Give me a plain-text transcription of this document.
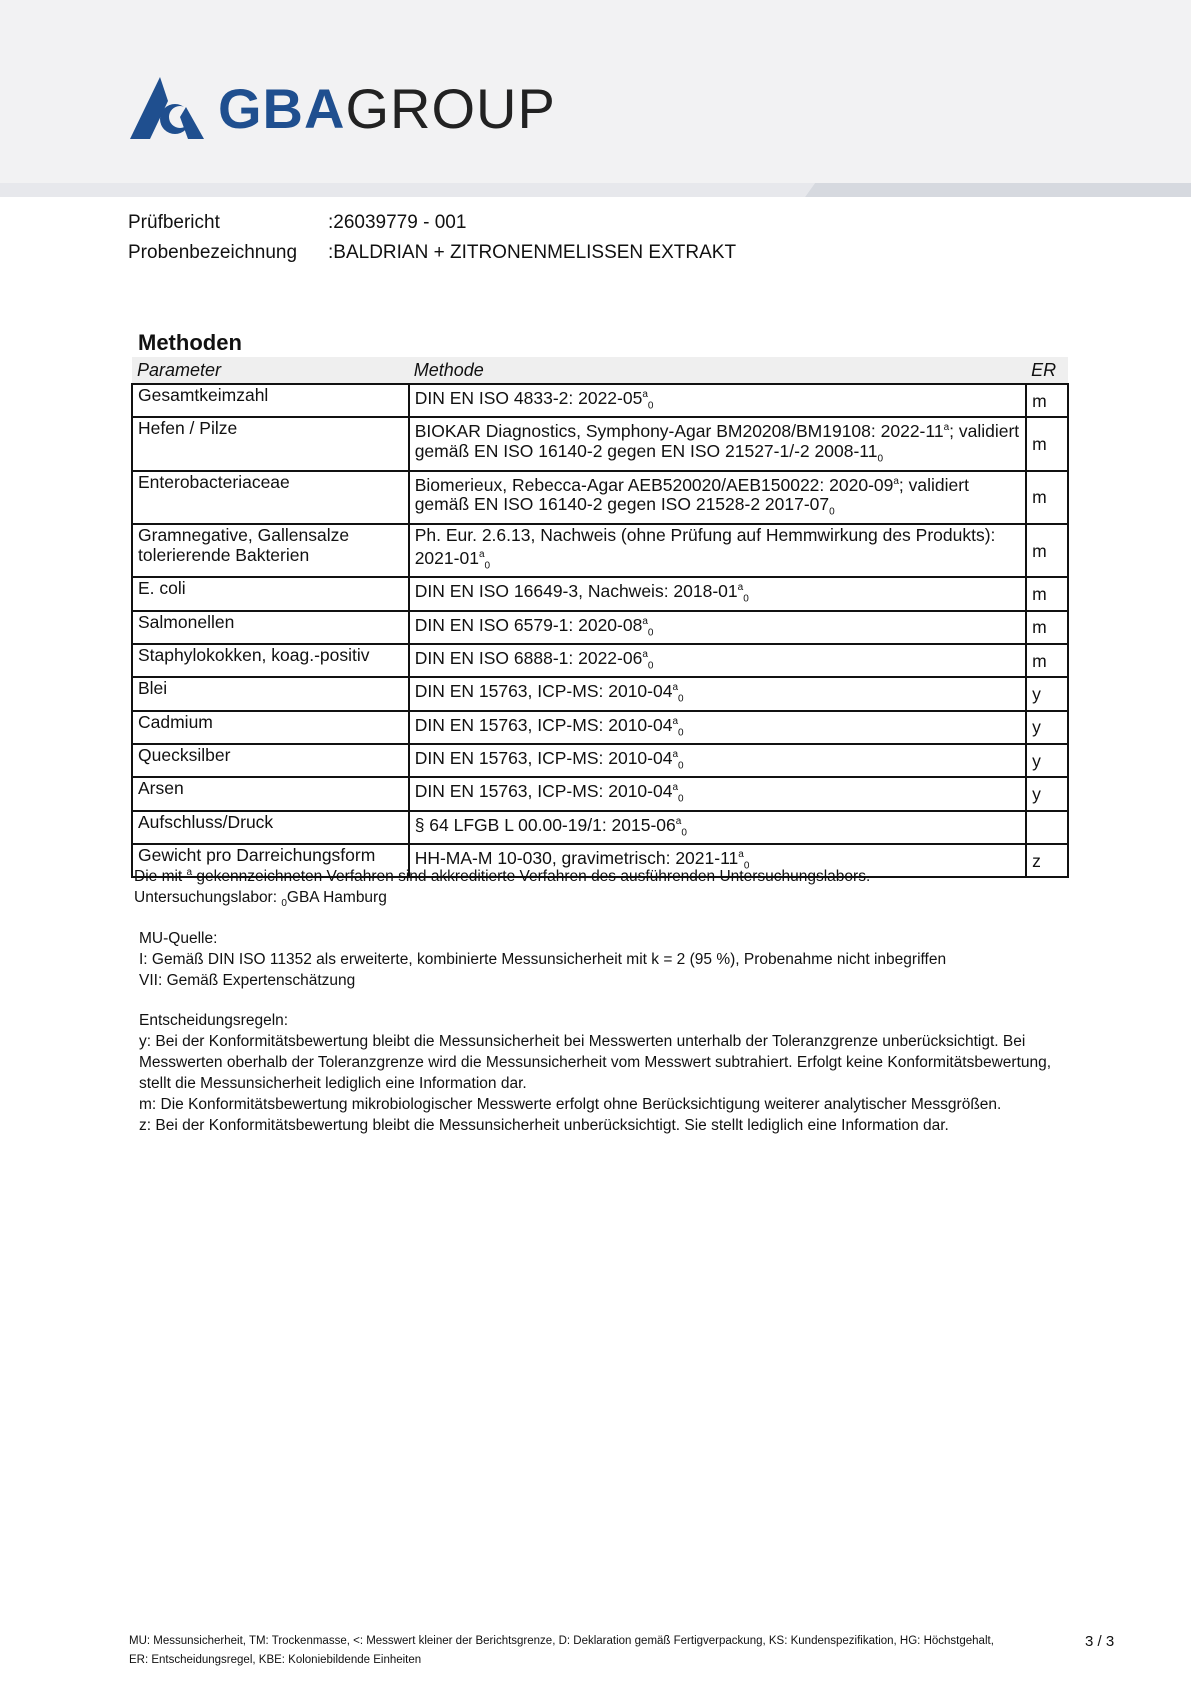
GBA GROUP
Prüfbericht	:26039779 - 001
Probenbezeichnung	:BALDRIAN + ZITRONENMELISSEN EXTRAKT
Methoden
Parameter	Methode	ER
Gesamtkeimzahl	DIN EN ISO 4833-2: $2022-05^a_0$	m
Hefen / Pilze	BIOKAR Diagnostics, Symphony-Agar BM20208/BM19108: 2022-11$^a$; validiert gemäß EN ISO 16140-2 gegen EN ISO 21527-1/-2 $2008-11_0$	m
Enterobacteriaceae	Biomerieux, Rebecca-Agar AEB520020/AEB150022: 2020-09$^a$; validiert gemäß EN ISO 16140-2 gegen ISO 21528-2 $2017-07_0$	m
Gramnegative, Gallensalze tolerierende Bakterien	Ph. Eur. 2.6.13, Nachweis (ohne Prüfung auf Hemmwirkung des Produkts): $2021-01^a_0$	m
E. coli	DIN EN ISO 16649-3, Nachweis: $2018-01^a_0$	m
Salmonellen	DIN EN ISO 6579-1: $2020-08^a_0$	m
Staphylokokken, koag.-positiv	DIN EN ISO 6888-1: $2022-06^a_0$	m
Blei	DIN EN 15763, ICP-MS: $2010-04^a_0$	y
Cadmium	DIN EN 15763, ICP-MS: $2010-04^a_0$	y
Quecksilber	DIN EN 15763, ICP-MS: $2010-04^a_0$	y
Arsen	DIN EN 15763, ICP-MS: $2010-04^a_0$	y
Aufschluss/Druck	§ 64 LFGB L 00.00-19/1: $2015-06^a_0$	
Gewicht pro Darreichungsform	HH-MA-M 10-030, gravimetrisch: $2021-11^a_0$	z

Die mit $^a$ gekennzeichneten Verfahren sind akkreditierte Verfahren des ausführenden Untersuchungslabors.

Untersuchungslabor: $_0$GBA Hamburg

MU-Quelle:

I: Gemäß DIN ISO 11352 als erweiterte, kombinierte Messunsicherheit mit k = 2 (95 %), Probenahme nicht inbegriffen

VII: Gemäß Expertenschätzung

Entscheidungsregeln:

y: Bei der Konformitätsbewertung bleibt die Messunsicherheit bei Messwerten unterhalb der Toleranzgrenze unberücksichtigt. Bei Messwerten oberhalb der Toleranzgrenze wird die Messunsicherheit vom Messwert subtrahiert. Erfolgt keine Konformitätsbewertung, stellt die Messunsicherheit lediglich eine Information dar.

m: Die Konformitätsbewertung mikrobiologischer Messwerte erfolgt ohne Berücksichtigung weiterer analytischer Messgrößen.

z: Bei der Konformitätsbewertung bleibt die Messunsicherheit unberücksichtigt. Sie stellt lediglich eine Information dar.

MU: Messunsicherheit, TM: Trockenmasse, <: Messwert kleiner der Berichtsgrenze, D: Deklaration gemäß Fertigverpackung, KS: Kundenspezifikation, HG: Höchstgehalt,
ER: Entscheidungsregel, KBE: Koloniebildende Einheiten
3 / 3
